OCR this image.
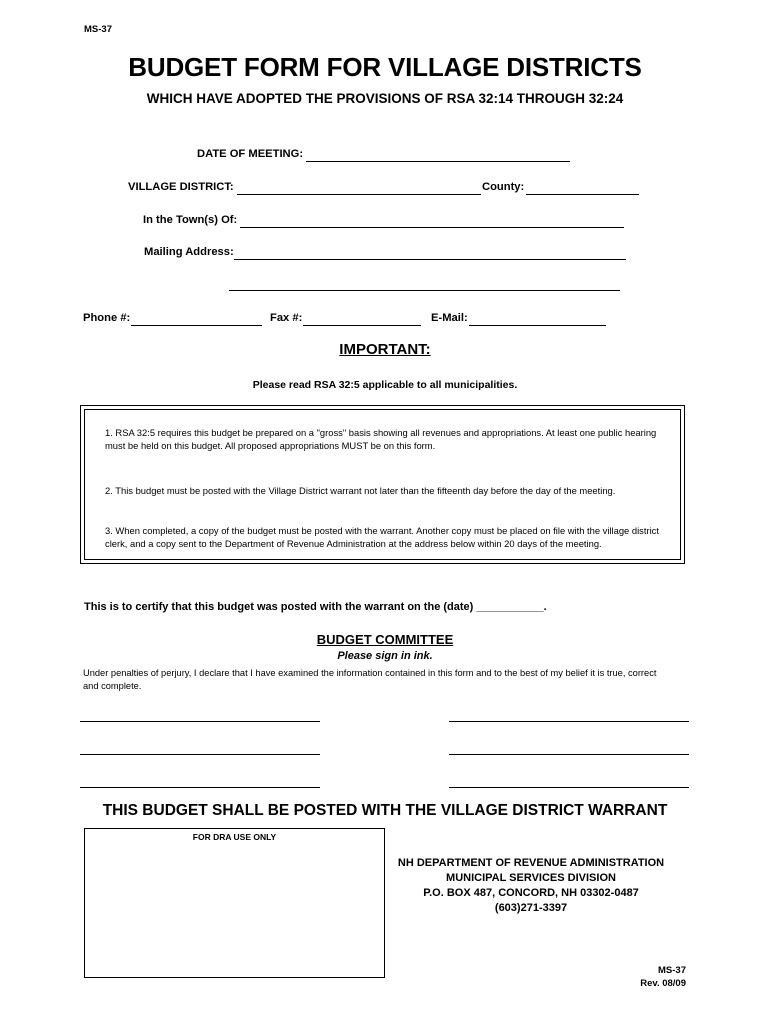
MS-37
BUDGET FORM FOR VILLAGE DISTRICTS
WHICH HAVE ADOPTED THE PROVISIONS OF RSA 32:14 THROUGH 32:24
DATE OF MEETING:
VILLAGE DISTRICT:	County:
In the Town(s) Of:
Mailing Address:
Phone #:	Fax #:	E-Mail:
IMPORTANT:
Please read RSA 32:5 applicable to all municipalities.
1. RSA 32:5 requires this budget be prepared on a "gross" basis showing all revenues and appropriations. At least one public hearing must be held on this budget. All proposed appropriations MUST be on this form.
2. This budget must be posted with the Village District warrant not later than the fifteenth day before the day of the meeting.
3. When completed, a copy of the budget must be posted with the warrant. Another copy must be placed on file with the village district clerk, and a copy sent to the Department of Revenue Administration at the address below within 20 days of the meeting.
This is to certify that this budget was posted with the warrant on the (date) ___________.
BUDGET COMMITTEE
Please sign in ink.
Under penalties of perjury, I declare that I have examined the information contained in this form and to the best of my belief it is true, correct and complete.
THIS BUDGET SHALL BE POSTED WITH THE VILLAGE DISTRICT WARRANT
FOR DRA USE ONLY
NH DEPARTMENT OF REVENUE ADMINISTRATION
MUNICIPAL SERVICES DIVISION
P.O. BOX 487, CONCORD, NH 03302-0487
(603)271-3397
MS-37
Rev. 08/09
